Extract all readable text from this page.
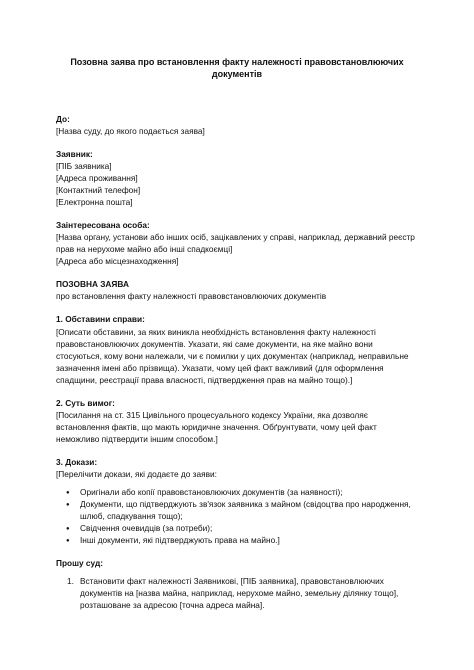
Позовна заява про встановлення факту належності правовстановлюючих документів
До:
[Назва суду, до якого подається заява]
Заявник:
[ПІБ заявника]
[Адреса проживання]
[Контактний телефон]
[Електронна пошта]
Заінтересована особа:
[Назва органу, установи або інших осіб, зацікавлених у справі, наприклад, державний реєстр прав на нерухоме майно або інші спадкоємці]
[Адреса або місцезнаходження]
ПОЗОВНА ЗАЯВА
про встановлення факту належності правовстановлюючих документів
1. Обставини справи:

[Описати обставини, за яких виникла необхідність встановлення факту належності правовстановлюючих документів. Указати, які саме документи, на яке майно вони стосуються, кому вони належали, чи є помилки у цих документах (наприклад, неправильне зазначення імені або прізвища). Указати, чому цей факт важливий (для оформлення спадщини, реєстрації права власності, підтвердження прав на майно тощо).]

2. Суть вимог:

[Посилання на ст. 315 Цивільного процесуального кодексу України, яка дозволяє встановлення фактів, що мають юридичне значення. Обґрунтувати, чому цей факт неможливо підтвердити іншим способом.]

3. Докази:
[Перелічити докази, які додаєте до заяви:
● Оригінали або копії правовстановлюючих документів (за наявності);
● Документи, що підтверджують зв'язок заявника з майном (свідоцтва про народження, шлюб, спадкування тощо);
● Свідчення очевидців (за потреби);
● Інші документи, які підтверджують права на майно.]
Прошу суд:
1. Встановити факт належності Заявникові, [ПІБ заявника], правовстановлюючих документів на [назва майна, наприклад, нерухоме майно, земельну ділянку тощо], розташоване за адресою [точна адреса майна].
